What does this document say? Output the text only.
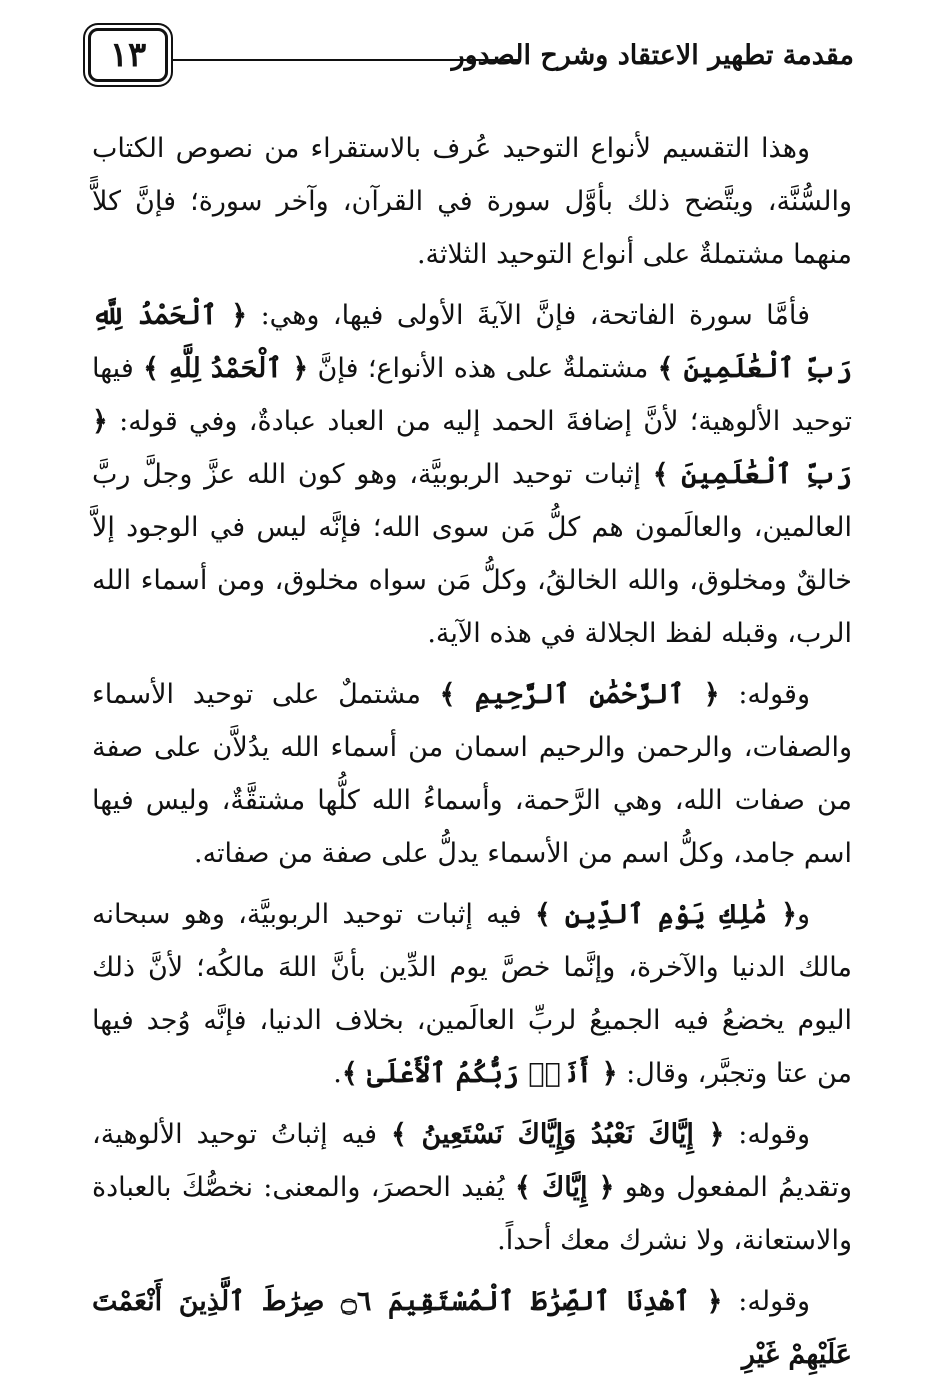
مقدمة تطهير الاعتقاد وشرح الصدور
١٣

وهذا التقسيم لأنواع التوحيد عُرف بالاستقراء من نصوص الكتاب والسُّنَّة، ويتَّضح ذلك بأوَّل سورة في القرآن، وآخر سورة؛ فإنَّ كلاًّ منهما مشتملةٌ على أنواع التوحيد الثلاثة.

فأمَّا سورة الفاتحة، فإنَّ الآيةَ الأولى فيها، وهي: ﴿ ٱلْحَمْدُ لِلَّهِ رَبِّ ٱلْعَٰلَمِينَ ﴾ مشتملةٌ على هذه الأنواع؛ فإنَّ ﴿ ٱلْحَمْدُ لِلَّهِ ﴾ فيها توحيد الألوهية؛ لأنَّ إضافةَ الحمد إليه من العباد عبادةٌ، وفي قوله: ﴿ رَبِّ ٱلْعَٰلَمِينَ ﴾ إثبات توحيد الربوبيَّة، وهو كون الله عزَّ وجلَّ ربَّ العالمين، والعالَمون هم كلُّ مَن سوى الله؛ فإنَّه ليس في الوجود إلاَّ خالقٌ ومخلوق، والله الخالقُ، وكلُّ مَن سواه مخلوق، ومن أسماء الله الرب، وقبله لفظ الجلالة في هذه الآية.

وقوله: ﴿ ٱلرَّحْمَٰنِ ٱلرَّحِيمِ ﴾ مشتملٌ على توحيد الأسماء والصفات، والرحمن والرحيم اسمان من أسماء الله يدُلاَّن على صفة من صفات الله، وهي الرَّحمة، وأسماءُ الله كلُّها مشتقَّةٌ، وليس فيها اسم جامد، وكلُّ اسم من الأسماء يدلُّ على صفة من صفاته.

و﴿ مَٰلِكِ يَوْمِ ٱلدِّينِ ﴾ فيه إثبات توحيد الربوبيَّة، وهو سبحانه مالك الدنيا والآخرة، وإنَّما خصَّ يوم الدِّين بأنَّ اللهَ مالكُه؛ لأنَّ ذلك اليوم يخضعُ فيه الجميعُ لربِّ العالَمين، بخلاف الدنيا، فإنَّه وُجد فيها من عتا وتجبَّر، وقال: ﴿ أَنَا۠ رَبُّكُمُ ٱلْأَعْلَىٰ ﴾.

وقوله: ﴿ إِيَّاكَ نَعْبُدُ وَإِيَّاكَ نَسْتَعِينُ ﴾ فيه إثباتُ توحيد الألوهية، وتقديمُ المفعول وهو ﴿ إِيَّاكَ ﴾ يُفيد الحصرَ، والمعنى: نخصُّكَ بالعبادة والاستعانة، ولا نشرك معك أحداً.

وقوله: ﴿ ٱهْدِنَا ٱلصِّرَٰطَ ٱلْمُسْتَقِيمَ ۝٦ صِرَٰطَ ٱلَّذِينَ أَنْعَمْتَ عَلَيْهِمْ غَيْرِ
